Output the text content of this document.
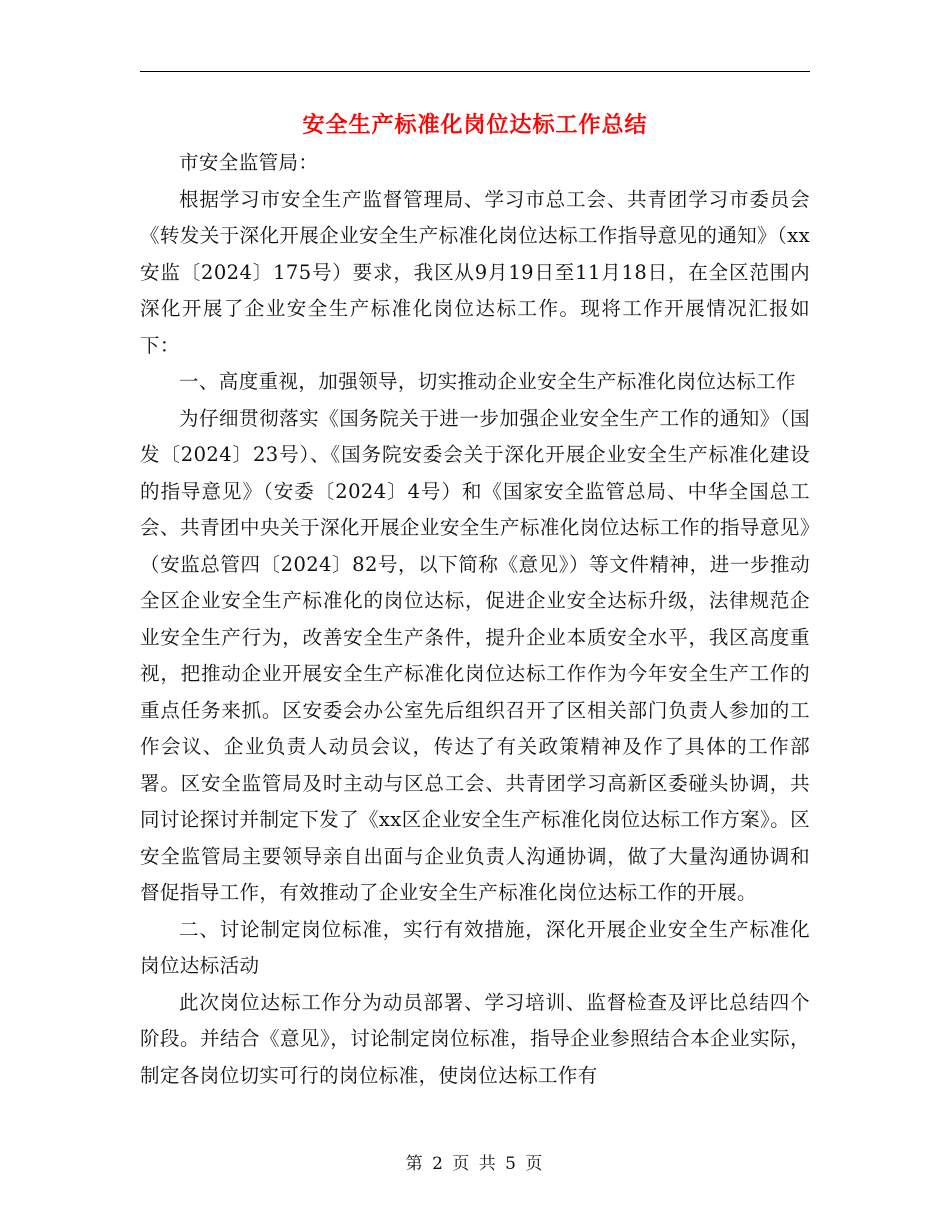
安全生产标准化岗位达标工作总结

市安全监管局：

根据学习市安全生产监督管理局、学习市总工会、共青团学习市委员会《转发关于深化开展企业安全生产标准化岗位达标工作指导意见的通知》（xx安监〔2024〕175号）要求，我区从9月19日至11月18日，在全区范围内深化开展了企业安全生产标准化岗位达标工作。现将工作开展情况汇报如下：

一、高度重视，加强领导，切实推动企业安全生产标准化岗位达标工作

为仔细贯彻落实《国务院关于进一步加强企业安全生产工作的通知》（国发〔2024〕23号）、《国务院安委会关于深化开展企业安全生产标准化建设的指导意见》（安委〔2024〕4号）和《国家安全监管总局、中华全国总工会、共青团中央关于深化开展企业安全生产标准化岗位达标工作的指导意见》（安监总管四〔2024〕82号，以下简称《意见》）等文件精神，进一步推动全区企业安全生产标准化的岗位达标，促进企业安全达标升级，法律规范企业安全生产行为，改善安全生产条件，提升企业本质安全水平，我区高度重视，把推动企业开展安全生产标准化岗位达标工作作为今年安全生产工作的重点任务来抓。区安委会办公室先后组织召开了区相关部门负责人参加的工作会议、企业负责人动员会议，传达了有关政策精神及作了具体的工作部署。区安全监管局及时主动与区总工会、共青团学习高新区委碰头协调，共同讨论探讨并制定下发了《xx区企业安全生产标准化岗位达标工作方案》。区安全监管局主要领导亲自出面与企业负责人沟通协调，做了大量沟通协调和督促指导工作，有效推动了企业安全生产标准化岗位达标工作的开展。

二、讨论制定岗位标准，实行有效措施，深化开展企业安全生产标准化岗位达标活动

此次岗位达标工作分为动员部署、学习培训、监督检查及评比总结四个阶段。并结合《意见》，讨论制定岗位标准，指导企业参照结合本企业实际，制定各岗位切实可行的岗位标准，使岗位达标工作有

第 2 页 共 5 页
